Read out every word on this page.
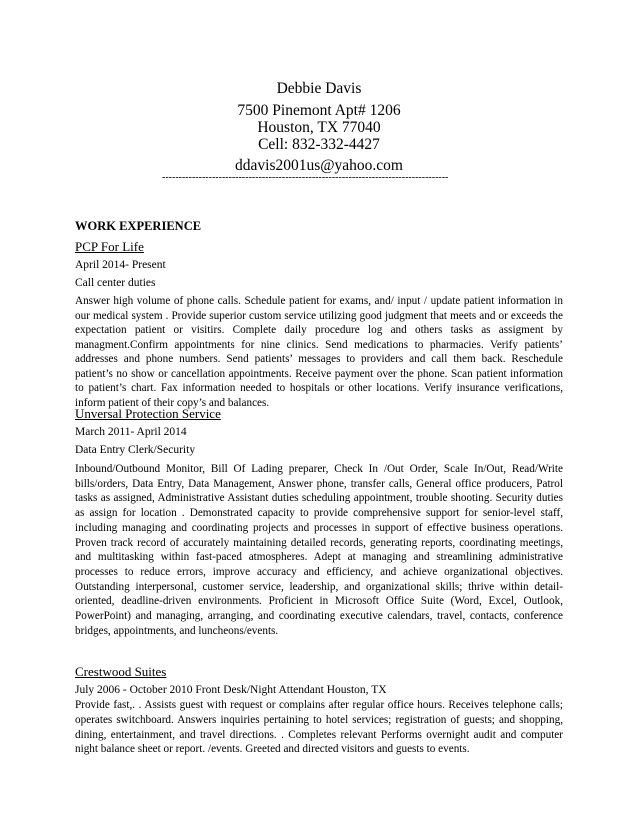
Debbie Davis
7500 Pinemont Apt# 1206
Houston, TX 77040
Cell: 832-332-4427
ddavis2001us@yahoo.com
--------------------------------------------------------------------------------------
WORK EXPERIENCE
PCP For Life
April 2014- Present
Call center duties

Answer high volume of phone calls. Schedule patient for exams, and/ input / update patient information in our medical system . Provide superior custom service utilizing good judgment that meets and or exceeds the expectation patient or visitirs. Complete daily procedure log and others tasks as assigment by managment.Confirm appointments for nine clinics. Send medications to pharmacies. Verify patients’ addresses and phone numbers. Send patients’ messages to providers and call them back. Reschedule patient’s no show or cancellation appointments. Receive payment over the phone. Scan patient information to patient’s chart. Fax information needed to hospitals or other locations. Verify insurance verifications, inform patient of their copy’s and balances.

Unversal Protection Service
March 2011- April 2014
Data Entry Clerk/Security

Inbound/Outbound Monitor, Bill Of Lading preparer, Check In /Out Order, Scale In/Out, Read/Write bills/orders, Data Entry, Data Management, Answer phone, transfer calls, General office producers, Patrol tasks as assigned, Administrative Assistant duties scheduling appointment, trouble shooting. Security duties as assign for location . Demonstrated capacity to provide comprehensive support for senior-level staff, including managing and coordinating projects and processes in support of effective business operations. Proven track record of accurately maintaining detailed records, generating reports, coordinating meetings, and multitasking within fast-paced atmospheres. Adept at managing and streamlining administrative processes to reduce errors, improve accuracy and efficiency, and achieve organizational objectives. Outstanding interpersonal, customer service, leadership, and organizational skills; thrive within detail-oriented, deadline-driven environments. Proficient in Microsoft Office Suite (Word, Excel, Outlook, PowerPoint) and managing, arranging, and coordinating executive calendars, travel, contacts, conference bridges, appointments, and luncheons/events.

Crestwood Suites
July 2006 - October 2010 Front Desk/Night Attendant Houston, TX

Provide fast,. . Assists guest with request or complains after regular office hours. Receives telephone calls; operates switchboard. Answers inquiries pertaining to hotel services; registration of guests; and shopping, dining, entertainment, and travel directions. . Completes relevant Performs overnight audit and computer night balance sheet or report. /events. Greeted and directed visitors and guests to events.
